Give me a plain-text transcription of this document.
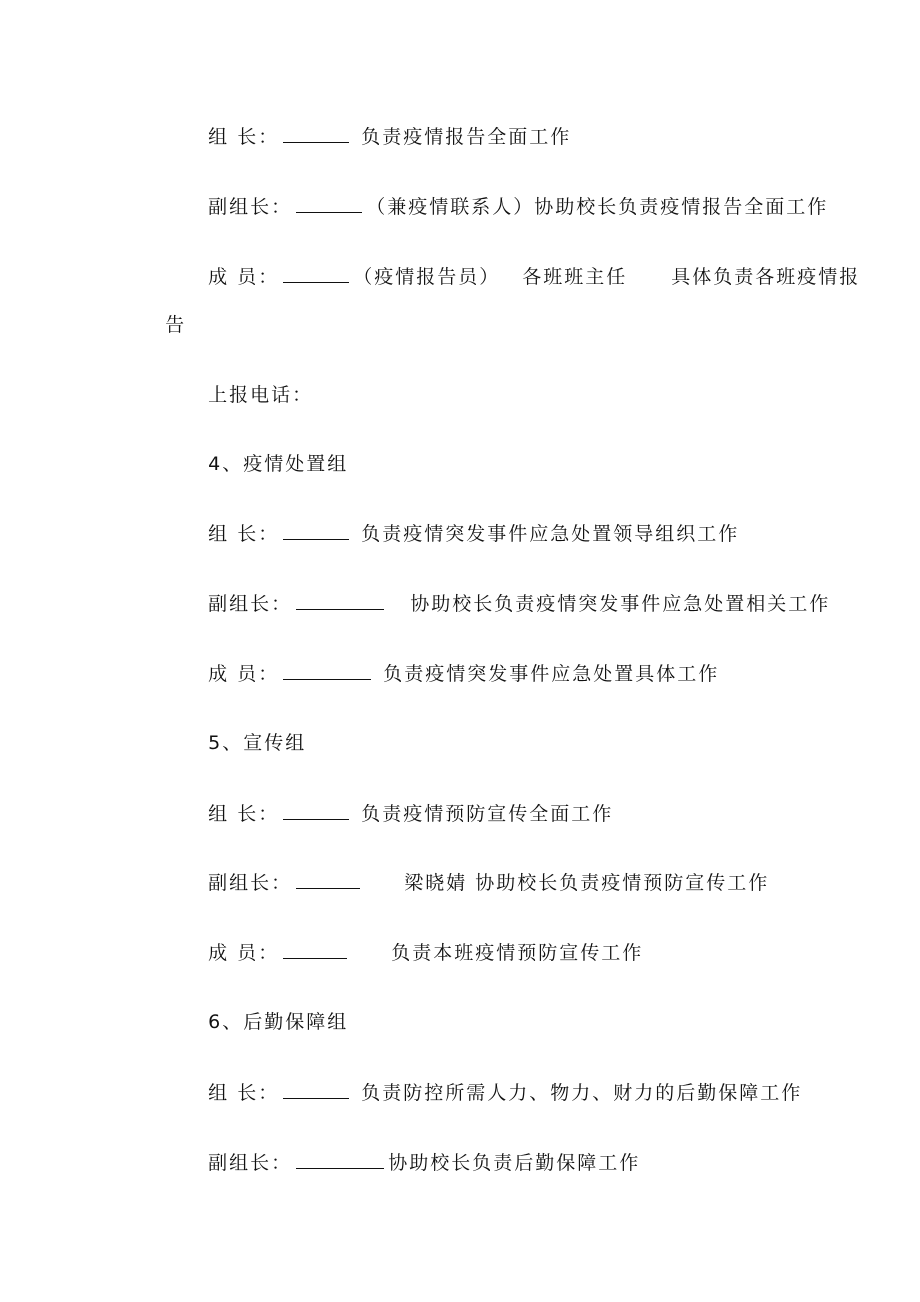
组 长：	负责疫情报告全面工作

副组长：	（兼疫情联系人）协助校长负责疫情报告全面工作

成 员：	（疫情报告员） 各班班主任 具体负责各班疫情报

告

上报电话：

4、疫情处置组

组 长：	负责疫情突发事件应急处置领导组织工作

副组长：	协助校长负责疫情突发事件应急处置相关工作

成 员：	负责疫情突发事件应急处置具体工作

5、宣传组

组 长：	负责疫情预防宣传全面工作

副组长：	梁晓婧 协助校长负责疫情预防宣传工作

成 员：	负责本班疫情预防宣传工作

6、后勤保障组

组 长：	负责防控所需人力、物力、财力的后勤保障工作

副组长：	协助校长负责后勤保障工作
